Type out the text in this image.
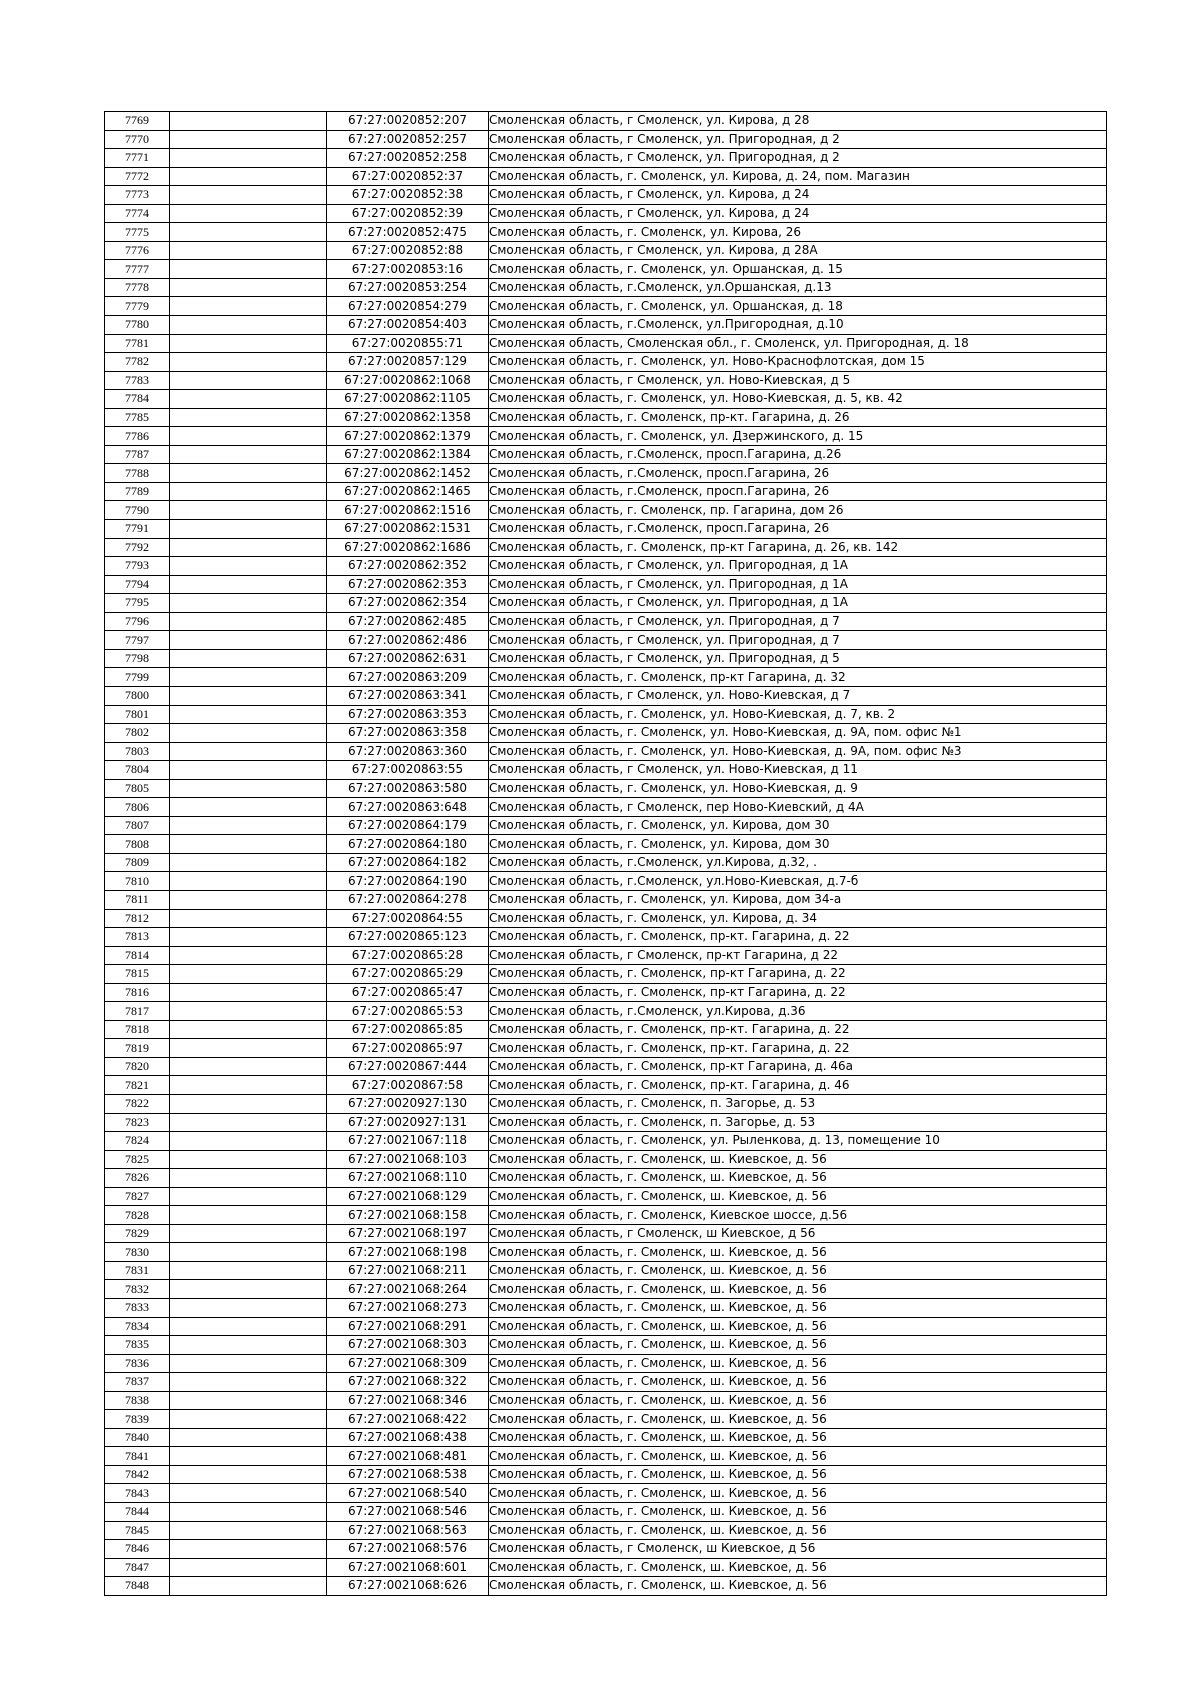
7769		67:27:0020852:207	Смоленская область, г Смоленск, ул. Кирова, д 28
7770		67:27:0020852:257	Смоленская область, г Смоленск, ул. Пригородная, д 2
7771		67:27:0020852:258	Смоленская область, г Смоленск, ул. Пригородная, д 2
7772		67:27:0020852:37	Смоленская область, г. Смоленск, ул. Кирова, д. 24, пом. Магазин
7773		67:27:0020852:38	Смоленская область, г Смоленск, ул. Кирова, д 24
7774		67:27:0020852:39	Смоленская область, г Смоленск, ул. Кирова, д 24
7775		67:27:0020852:475	Смоленская область, г. Смоленск, ул. Кирова, 26
7776		67:27:0020852:88	Смоленская область, г Смоленск, ул. Кирова, д 28А
7777		67:27:0020853:16	Смоленская область, г. Смоленск, ул. Оршанская, д. 15
7778		67:27:0020853:254	Смоленская область, г.Смоленск, ул.Оршанская, д.13
7779		67:27:0020854:279	Смоленская область, г. Смоленск, ул. Оршанская, д. 18
7780		67:27:0020854:403	Смоленская область, г.Смоленск, ул.Пригородная, д.10
7781		67:27:0020855:71	Смоленская область, Смоленская обл., г. Смоленск, ул. Пригородная, д. 18
7782		67:27:0020857:129	Смоленская область, г. Смоленск, ул. Ново-Краснофлотская, дом 15
7783		67:27:0020862:1068	Смоленская область, г Смоленск, ул. Ново-Киевская, д 5
7784		67:27:0020862:1105	Смоленская область, г. Смоленск, ул. Ново-Киевская, д. 5, кв. 42
7785		67:27:0020862:1358	Смоленская область, г. Смоленск, пр-кт. Гагарина, д. 26
7786		67:27:0020862:1379	Смоленская область, г. Смоленск, ул. Дзержинского, д. 15
7787		67:27:0020862:1384	Смоленская область, г.Смоленск, просп.Гагарина, д.26
7788		67:27:0020862:1452	Смоленская область, г.Смоленск, просп.Гагарина, 26
7789		67:27:0020862:1465	Смоленская область, г.Смоленск, просп.Гагарина, 26
7790		67:27:0020862:1516	Смоленская область, г. Смоленск, пр. Гагарина, дом 26
7791		67:27:0020862:1531	Смоленская область, г.Смоленск, просп.Гагарина, 26
7792		67:27:0020862:1686	Смоленская область, г. Смоленск, пр-кт Гагарина, д. 26, кв. 142
7793		67:27:0020862:352	Смоленская область, г Смоленск, ул. Пригородная, д 1А
7794		67:27:0020862:353	Смоленская область, г Смоленск, ул. Пригородная, д 1А
7795		67:27:0020862:354	Смоленская область, г Смоленск, ул. Пригородная, д 1А
7796		67:27:0020862:485	Смоленская область, г Смоленск, ул. Пригородная, д 7
7797		67:27:0020862:486	Смоленская область, г Смоленск, ул. Пригородная, д 7
7798		67:27:0020862:631	Смоленская область, г Смоленск, ул. Пригородная, д 5
7799		67:27:0020863:209	Смоленская область, г. Смоленск, пр-кт Гагарина, д. 32
7800		67:27:0020863:341	Смоленская область, г Смоленск, ул. Ново-Киевская, д 7
7801		67:27:0020863:353	Смоленская область, г. Смоленск, ул. Ново-Киевская, д. 7, кв. 2
7802		67:27:0020863:358	Смоленская область, г. Смоленск, ул. Ново-Киевская, д. 9А, пом. офис №1
7803		67:27:0020863:360	Смоленская область, г. Смоленск, ул. Ново-Киевская, д. 9А, пом. офис №3
7804		67:27:0020863:55	Смоленская область, г Смоленск, ул. Ново-Киевская, д 11
7805		67:27:0020863:580	Смоленская область, г. Смоленск, ул. Ново-Киевская, д. 9
7806		67:27:0020863:648	Смоленская область, г Смоленск, пер Ново-Киевский, д 4А
7807		67:27:0020864:179	Смоленская область, г. Смоленск, ул. Кирова, дом 30
7808		67:27:0020864:180	Смоленская область, г. Смоленск, ул. Кирова, дом 30
7809		67:27:0020864:182	Смоленская область, г.Смоленск, ул.Кирова, д.32, .
7810		67:27:0020864:190	Смоленская область, г.Смоленск, ул.Ново-Киевская, д.7-б
7811		67:27:0020864:278	Смоленская область, г. Смоленск, ул. Кирова, дом 34-а
7812		67:27:0020864:55	Смоленская область, г. Смоленск, ул. Кирова, д. 34
7813		67:27:0020865:123	Смоленская область, г. Смоленск, пр-кт. Гагарина, д. 22
7814		67:27:0020865:28	Смоленская область, г Смоленск, пр-кт Гагарина, д 22
7815		67:27:0020865:29	Смоленская область, г. Смоленск, пр-кт Гагарина, д. 22
7816		67:27:0020865:47	Смоленская область, г. Смоленск, пр-кт Гагарина, д. 22
7817		67:27:0020865:53	Смоленская область, г.Смоленск, ул.Кирова, д.36
7818		67:27:0020865:85	Смоленская область, г. Смоленск, пр-кт. Гагарина, д. 22
7819		67:27:0020865:97	Смоленская область, г. Смоленск, пр-кт. Гагарина, д. 22
7820		67:27:0020867:444	Смоленская область, г. Смоленск, пр-кт Гагарина, д. 46а
7821		67:27:0020867:58	Смоленская область, г. Смоленск, пр-кт. Гагарина, д. 46
7822		67:27:0020927:130	Смоленская область, г. Смоленск, п. Загорье, д. 53
7823		67:27:0020927:131	Смоленская область, г. Смоленск, п. Загорье, д. 53
7824		67:27:0021067:118	Смоленская область, г. Смоленск, ул. Рыленкова, д. 13, помещение 10
7825		67:27:0021068:103	Смоленская область, г. Смоленск, ш. Киевское, д. 56
7826		67:27:0021068:110	Смоленская область, г. Смоленск, ш. Киевское, д. 56
7827		67:27:0021068:129	Смоленская область, г. Смоленск, ш. Киевское, д. 56
7828		67:27:0021068:158	Смоленская область, г. Смоленск, Киевское шоссе, д.56
7829		67:27:0021068:197	Смоленская область, г Смоленск, ш Киевское, д 56
7830		67:27:0021068:198	Смоленская область, г. Смоленск, ш. Киевское, д. 56
7831		67:27:0021068:211	Смоленская область, г. Смоленск, ш. Киевское, д. 56
7832		67:27:0021068:264	Смоленская область, г. Смоленск, ш. Киевское, д. 56
7833		67:27:0021068:273	Смоленская область, г. Смоленск, ш. Киевское, д. 56
7834		67:27:0021068:291	Смоленская область, г. Смоленск, ш. Киевское, д. 56
7835		67:27:0021068:303	Смоленская область, г. Смоленск, ш. Киевское, д. 56
7836		67:27:0021068:309	Смоленская область, г. Смоленск, ш. Киевское, д. 56
7837		67:27:0021068:322	Смоленская область, г. Смоленск, ш. Киевское, д. 56
7838		67:27:0021068:346	Смоленская область, г. Смоленск, ш. Киевское, д. 56
7839		67:27:0021068:422	Смоленская область, г. Смоленск, ш. Киевское, д. 56
7840		67:27:0021068:438	Смоленская область, г. Смоленск, ш. Киевское, д. 56
7841		67:27:0021068:481	Смоленская область, г. Смоленск, ш. Киевское, д. 56
7842		67:27:0021068:538	Смоленская область, г. Смоленск, ш. Киевское, д. 56
7843		67:27:0021068:540	Смоленская область, г. Смоленск, ш. Киевское, д. 56
7844		67:27:0021068:546	Смоленская область, г. Смоленск, ш. Киевское, д. 56
7845		67:27:0021068:563	Смоленская область, г. Смоленск, ш. Киевское, д. 56
7846		67:27:0021068:576	Смоленская область, г Смоленск, ш Киевское, д 56
7847		67:27:0021068:601	Смоленская область, г. Смоленск, ш. Киевское, д. 56
7848		67:27:0021068:626	Смоленская область, г. Смоленск, ш. Киевское, д. 56
